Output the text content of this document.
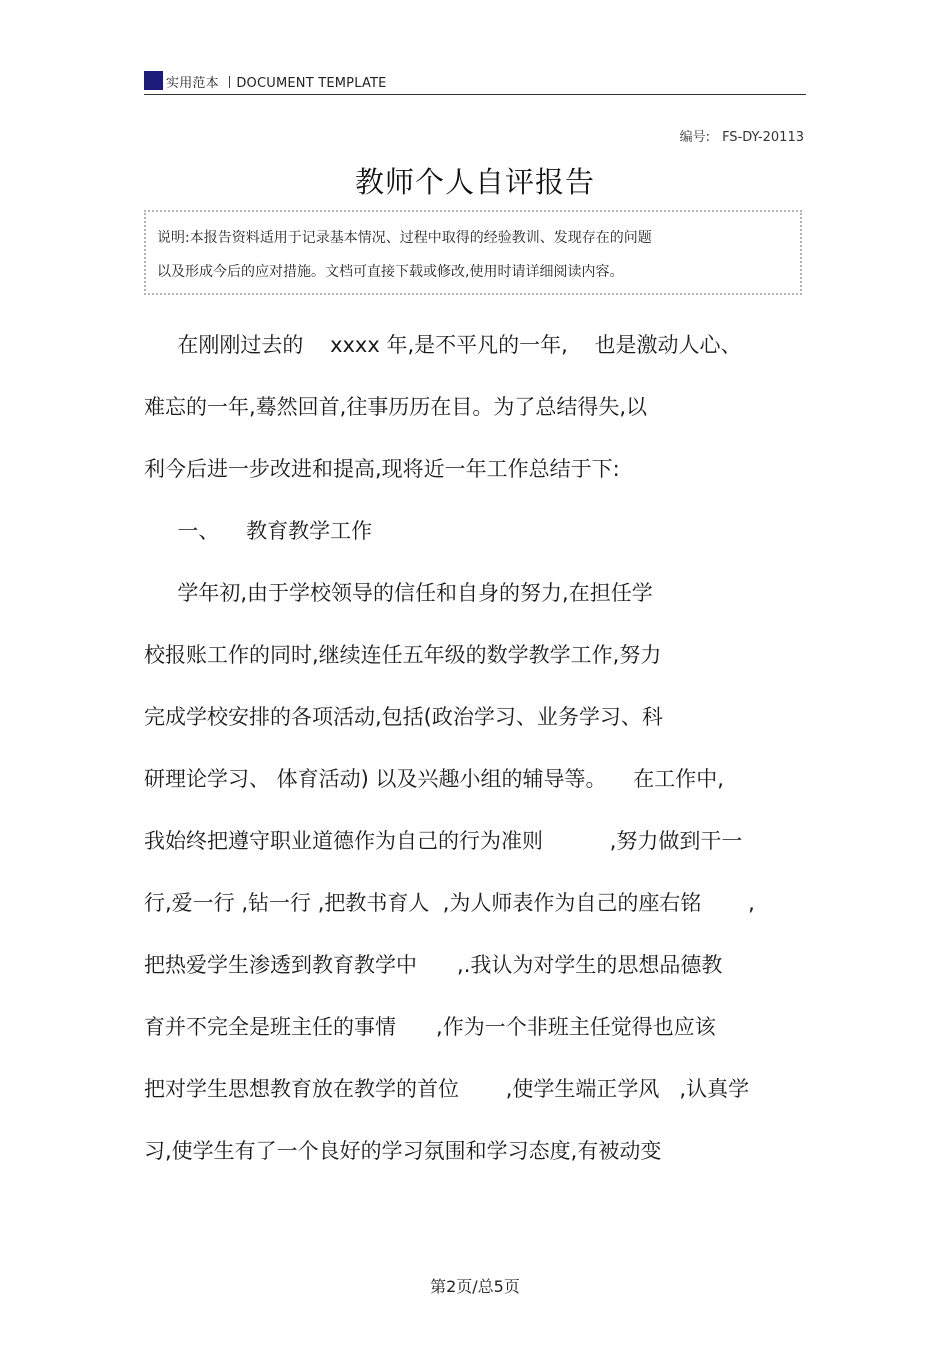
实用范本 丨DOCUMENT TEMPLATE
编号: FS-DY-20113
教师个人自评报告
说明:本报告资料适用于记录基本情况、过程中取得的经验教训、发现存在的问题
以及形成今后的应对措施。文档可直接下载或修改,使用时请详细阅读内容。
在刚刚过去的    xxxx 年,是不平凡的一年,    也是激动人心、
难忘的一年,蓦然回首,往事历历在目。为了总结得失,以
利今后进一步改进和提高,现将近一年工作总结于下:
一、    教育教学工作
学年初,由于学校领导的信任和自身的努力,在担任学
校报账工作的同时,继续连任五年级的数学教学工作,努力
完成学校安排的各项活动,包括(政治学习、业务学习、科
研理论学习、 体育活动) 以及兴趣小组的辅导等。    在工作中,
我始终把遵守职业道德作为自己的行为准则          ,努力做到干一
行,爱一行 ,钻一行 ,把教书育人  ,为人师表作为自己的座右铭       ,
把热爱学生渗透到教育教学中      ,.我认为对学生的思想品德教
育并不完全是班主任的事情      ,作为一个非班主任觉得也应该
把对学生思想教育放在教学的首位       ,使学生端正学风   ,认真学
习,使学生有了一个良好的学习氛围和学习态度,有被动变
第2页/总5页
